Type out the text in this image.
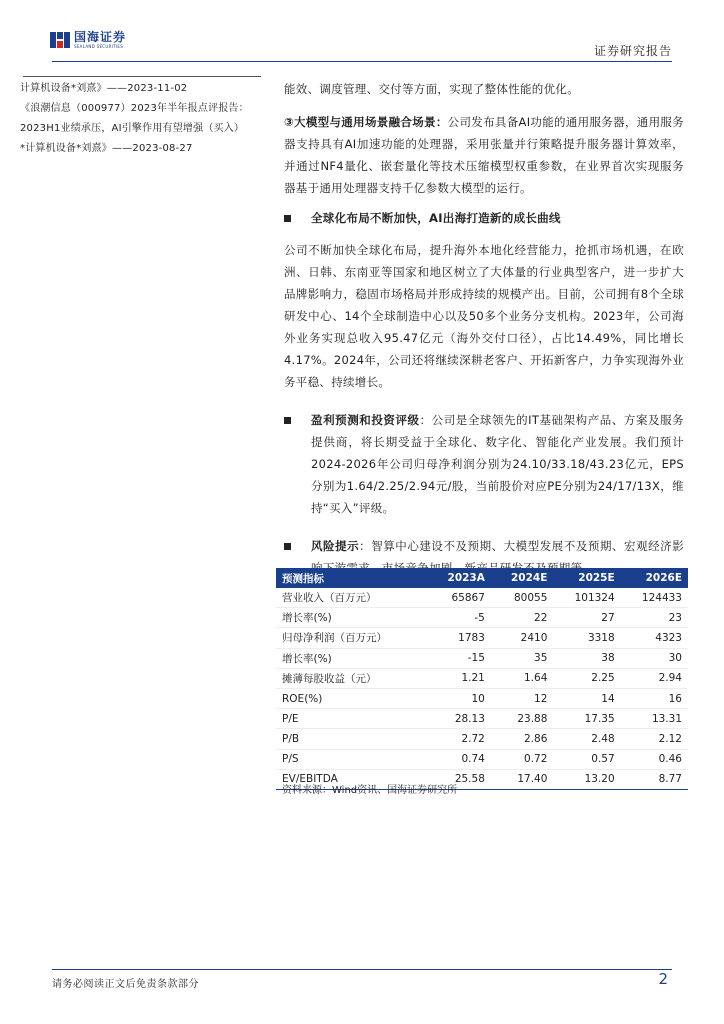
国海证券
SEALAND SECURITIES	证券研究报告

计算机设备*刘熹》——2023-11-02

《浪潮信息（000977）2023年半年报点评报告：

2023H1业绩承压，AI引擎作用有望增强（买入）

*计算机设备*刘熹》——2023-08-27

能效、调度管理、交付等方面，实现了整体性能的优化。

③大模型与通用场景融合场景：公司发布具备AI功能的通用服务器，通用服务器支持具有AI加速功能的处理器，采用张量并行策略提升服务器计算效率，并通过NF4量化、嵌套量化等技术压缩模型权重参数，在业界首次实现服务器基于通用处理器支持千亿参数大模型的运行。

全球化布局不断加快，AI出海打造新的成长曲线

公司不断加快全球化布局，提升海外本地化经营能力，抢抓市场机遇，在欧洲、日韩、东南亚等国家和地区树立了大体量的行业典型客户，进一步扩大品牌影响力，稳固市场格局并形成持续的规模产出。目前，公司拥有8个全球研发中心、14个全球制造中心以及50多个业务分支机构。2023年，公司海外业务实现总收入95.47亿元（海外交付口径），占比14.49%，同比增长4.17%。2024年，公司还将继续深耕老客户、开拓新客户，力争实现海外业务平稳、持续增长。

盈利预测和投资评级：公司是全球领先的IT基础架构产品、方案及服务提供商，将长期受益于全球化、数字化、智能化产业发展。我们预计2024-2026年公司归母净利润分别为24.10/33.18/43.23亿元，EPS分别为1.64/2.25/2.94元/股，当前股价对应PE分别为24/17/13X，维持“买入”评级。

风险提示：智算中心建设不及预期、大模型发展不及预期、宏观经济影

预测指标	2023A	2024E	2025E	2026E
营业收入（百万元）	65867	80055	101324	124433
增长率(%)	-5	22	27	23
归母净利润（百万元）	1783	2410	3318	4323
增长率(%)	-15	35	38	30
摊薄每股收益（元）	1.21	1.64	2.25	2.94
ROE(%)	10	12	14	16
P/E	28.13	23.88	17.35	13.31
P/B	2.72	2.86	2.48	2.12
P/S	0.74	0.72	0.57	0.46
EV/EBITDA	25.58	17.40	13.20	8.77
资料来源：Wind资讯、国海证券研究所
请务必阅读正文后免责条款部分	2
